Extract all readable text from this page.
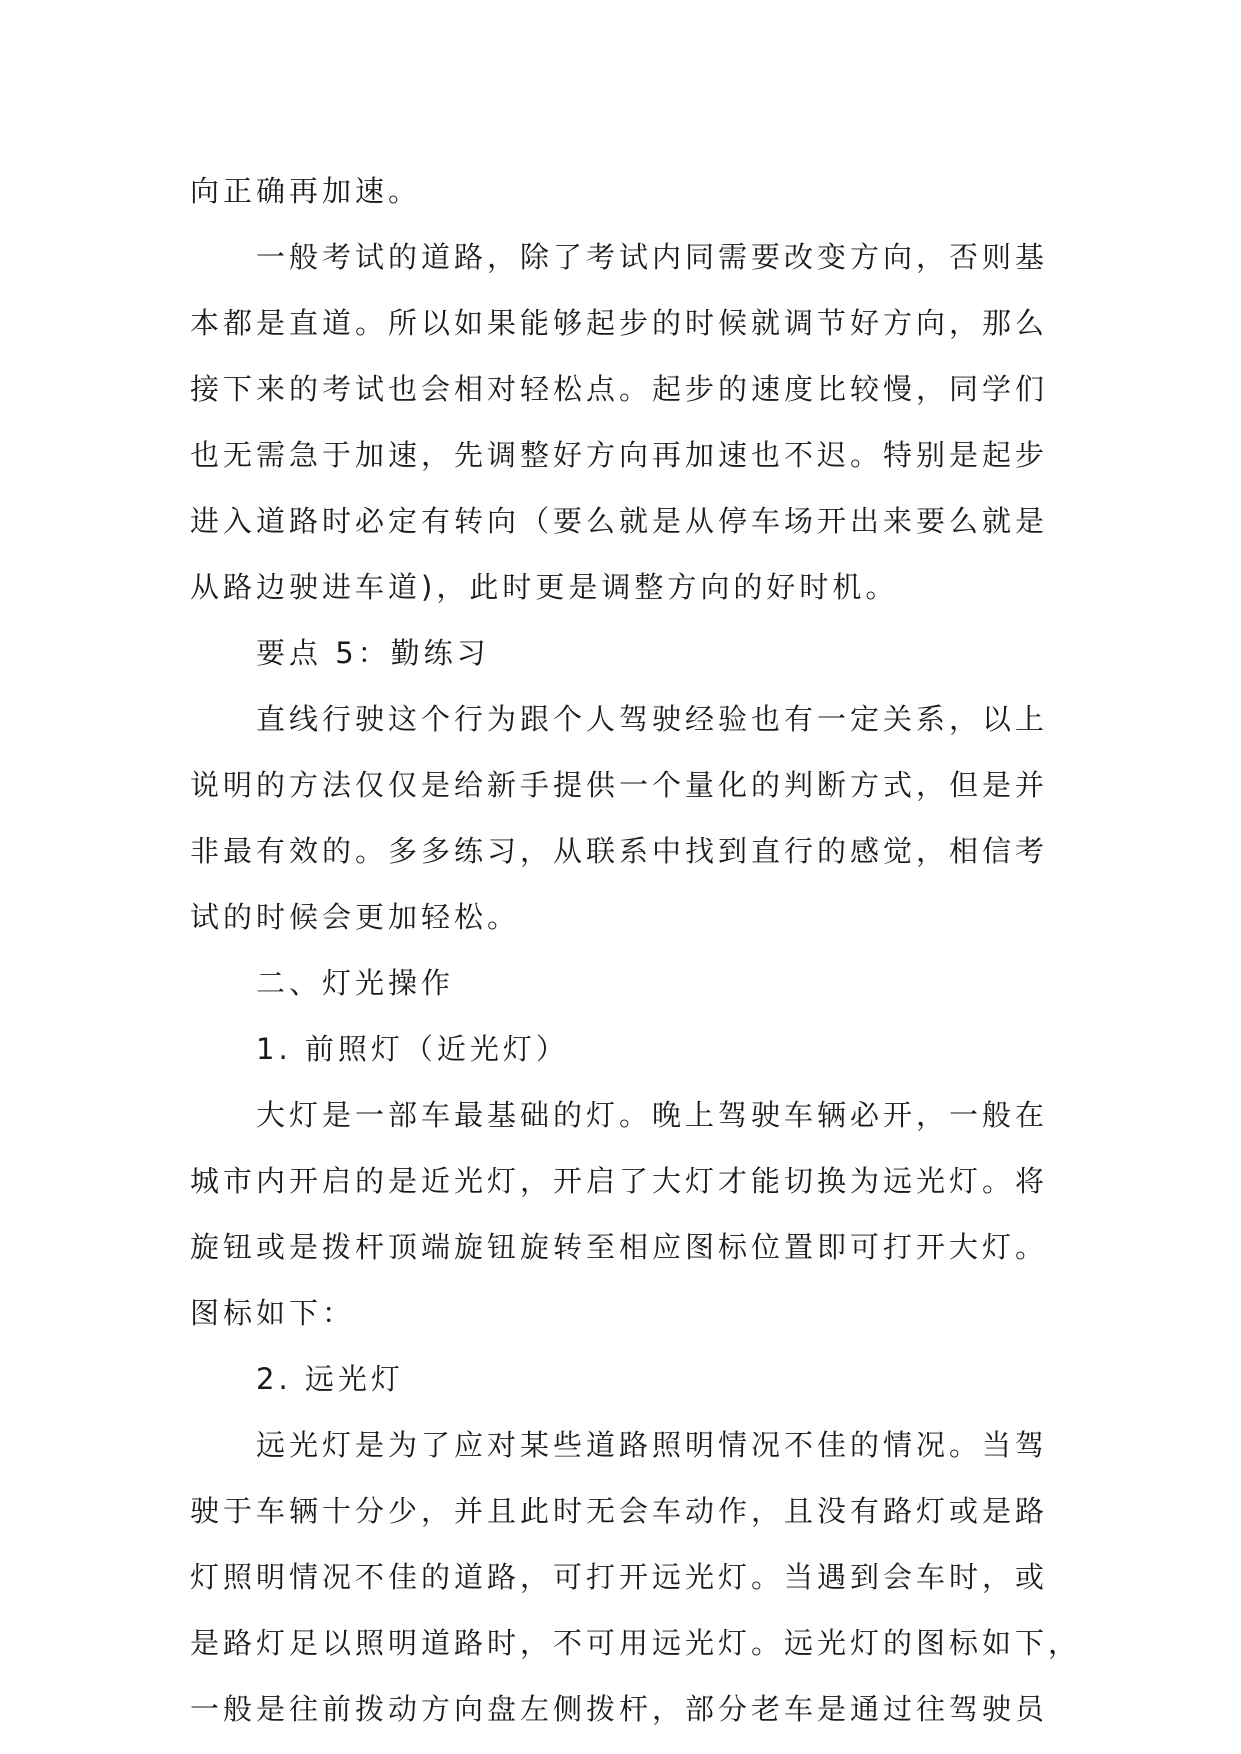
向正确再加速。
一般考试的道路，除了考试内同需要改变方向，否则基
本都是直道。所以如果能够起步的时候就调节好方向，那么
接下来的考试也会相对轻松点。起步的速度比较慢，同学们
也无需急于加速，先调整好方向再加速也不迟。特别是起步
进入道路时必定有转向（要么就是从停车场开出来要么就是
从路边驶进车道)，此时更是调整方向的好时机。
要点 5：勤练习
直线行驶这个行为跟个人驾驶经验也有一定关系，以上
说明的方法仅仅是给新手提供一个量化的判断方式，但是并
非最有效的。多多练习，从联系中找到直行的感觉，相信考
试的时候会更加轻松。
二、灯光操作
1. 前照灯（近光灯）
大灯是一部车最基础的灯。晚上驾驶车辆必开，一般在
城市内开启的是近光灯，开启了大灯才能切换为远光灯。将
旋钮或是拨杆顶端旋钮旋转至相应图标位置即可打开大灯。
图标如下：
2. 远光灯
远光灯是为了应对某些道路照明情况不佳的情况。当驾
驶于车辆十分少，并且此时无会车动作，且没有路灯或是路
灯照明情况不佳的道路，可打开远光灯。当遇到会车时，或
是路灯足以照明道路时，不可用远光灯。远光灯的图标如下，
一般是往前拨动方向盘左侧拨杆，部分老车是通过往驾驶员
